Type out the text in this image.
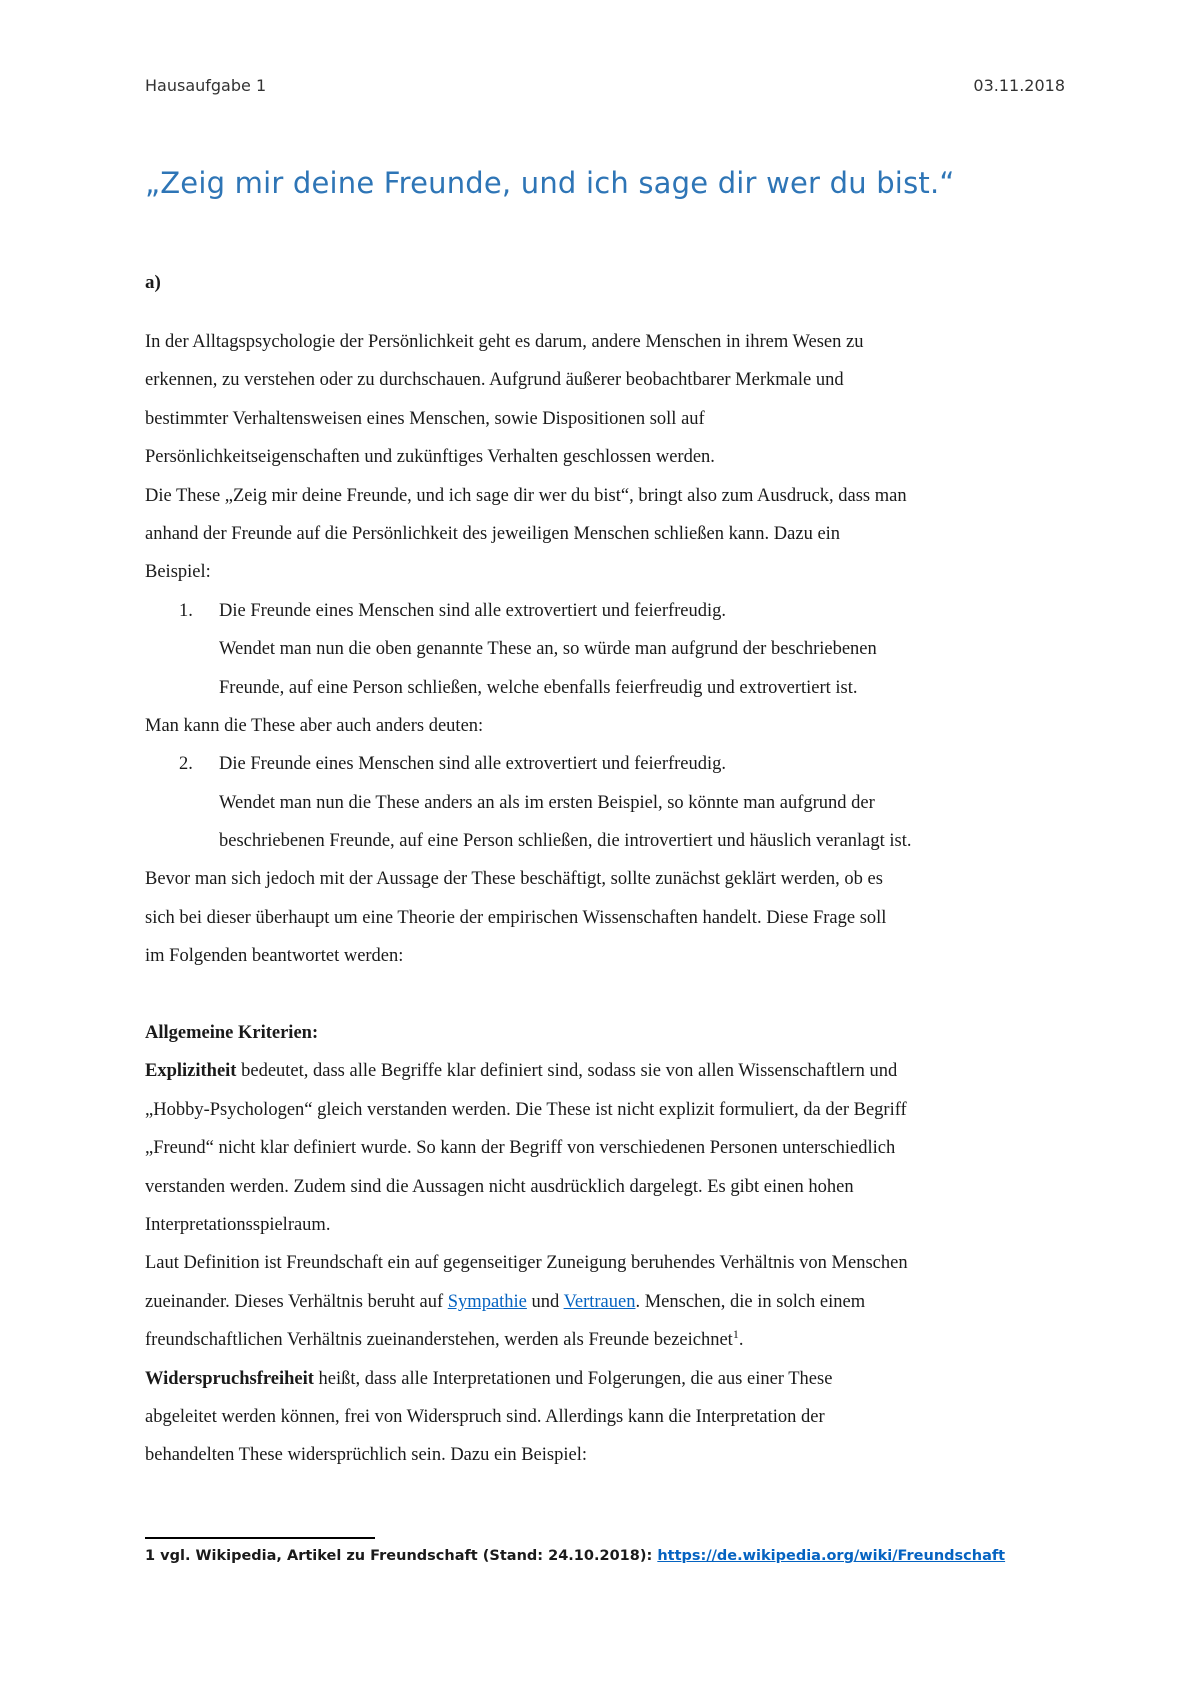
Hausaufgabe 1	03.11.2018
„Zeig mir deine Freunde, und ich sage dir wer du bist.“
a)
In der Alltagspsychologie der Persönlichkeit geht es darum, andere Menschen in ihrem Wesen zu
erkennen, zu verstehen oder zu durchschauen. Aufgrund äußerer beobachtbarer Merkmale und
bestimmter Verhaltensweisen eines Menschen, sowie Dispositionen soll auf
Persönlichkeitseigenschaften und zukünftiges Verhalten geschlossen werden.
Die These „Zeig mir deine Freunde, und ich sage dir wer du bist“, bringt also zum Ausdruck, dass man
anhand der Freunde auf die Persönlichkeit des jeweiligen Menschen schließen kann. Dazu ein
Beispiel:
1. Die Freunde eines Menschen sind alle extrovertiert und feierfreudig.
Wendet man nun die oben genannte These an, so würde man aufgrund der beschriebenen
Freunde, auf eine Person schließen, welche ebenfalls feierfreudig und extrovertiert ist.
Man kann die These aber auch anders deuten:
2. Die Freunde eines Menschen sind alle extrovertiert und feierfreudig.
Wendet man nun die These anders an als im ersten Beispiel, so könnte man aufgrund der
beschriebenen Freunde, auf eine Person schließen, die introvertiert und häuslich veranlagt ist.
Bevor man sich jedoch mit der Aussage der These beschäftigt, sollte zunächst geklärt werden, ob es
sich bei dieser überhaupt um eine Theorie der empirischen Wissenschaften handelt. Diese Frage soll
im Folgenden beantwortet werden:
Allgemeine Kriterien:
Explizitheit bedeutet, dass alle Begriffe klar definiert sind, sodass sie von allen Wissenschaftlern und
„Hobby-Psychologen“ gleich verstanden werden. Die These ist nicht explizit formuliert, da der Begriff
„Freund“ nicht klar definiert wurde. So kann der Begriff von verschiedenen Personen unterschiedlich
verstanden werden. Zudem sind die Aussagen nicht ausdrücklich dargelegt. Es gibt einen hohen
Interpretationsspielraum.
Laut Definition ist Freundschaft ein auf gegenseitiger Zuneigung beruhendes Verhältnis von Menschen
zueinander. Dieses Verhältnis beruht auf Sympathie und Vertrauen. Menschen, die in solch einem
freundschaftlichen Verhältnis zueinanderstehen, werden als Freunde bezeichnet$^1$.
Widerspruchsfreiheit heißt, dass alle Interpretationen und Folgerungen, die aus einer These
abgeleitet werden können, frei von Widerspruch sind. Allerdings kann die Interpretation der
behandelten These widersprüchlich sein. Dazu ein Beispiel:
1 vgl. Wikipedia, Artikel zu Freundschaft (Stand: 24.10.2018): https://de.wikipedia.org/wiki/Freundschaft
